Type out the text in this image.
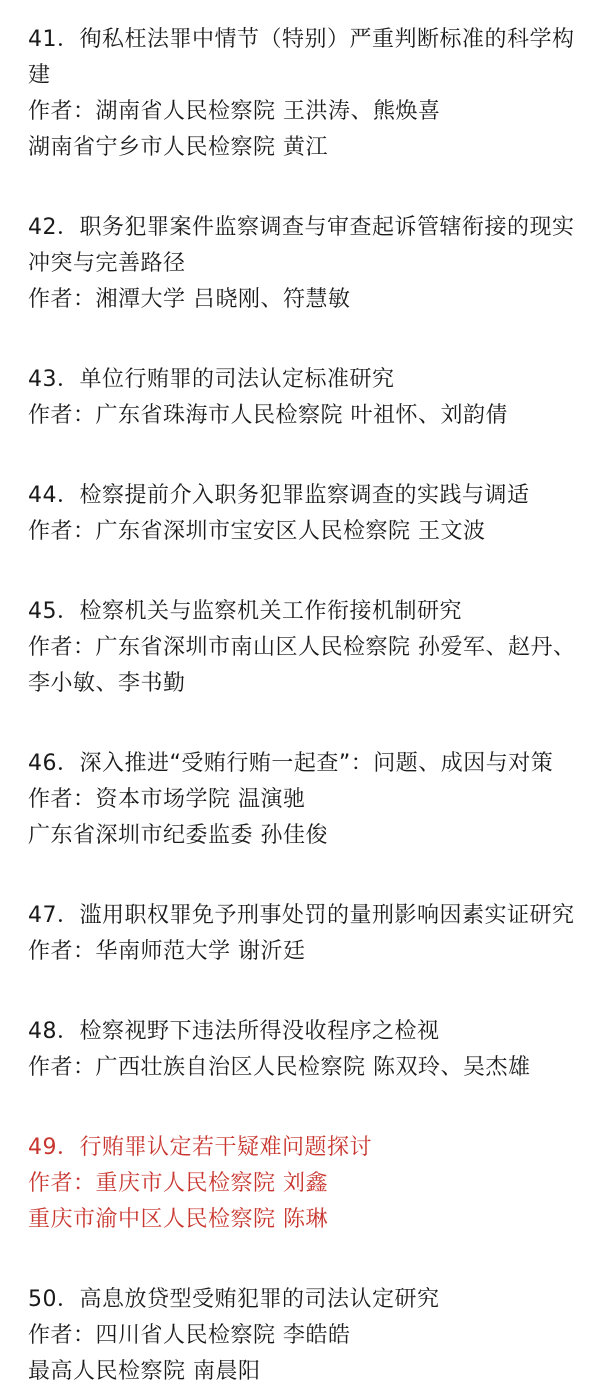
41．徇私枉法罪中情节（特别）严重判断标准的科学构建
作者：湖南省人民检察院 王洪涛、熊焕喜
湖南省宁乡市人民检察院 黄江
42．职务犯罪案件监察调查与审查起诉管辖衔接的现实冲突与完善路径
作者：湘潭大学 吕晓刚、符慧敏
43．单位行贿罪的司法认定标准研究
作者：广东省珠海市人民检察院 叶祖怀、刘韵倩
44．检察提前介入职务犯罪监察调查的实践与调适
作者：广东省深圳市宝安区人民检察院 王文波
45．检察机关与监察机关工作衔接机制研究
作者：广东省深圳市南山区人民检察院 孙爱军、赵丹、李小敏、李书勤
46．深入推进“受贿行贿一起查”：问题、成因与对策
作者：资本市场学院 温演驰
广东省深圳市纪委监委 孙佳俊
47．滥用职权罪免予刑事处罚的量刑影响因素实证研究
作者：华南师范大学 谢沂廷
48．检察视野下违法所得没收程序之检视
作者：广西壮族自治区人民检察院 陈双玲、吴杰雄
49．行贿罪认定若干疑难问题探讨
作者：重庆市人民检察院 刘鑫
重庆市渝中区人民检察院 陈琳
50．高息放贷型受贿犯罪的司法认定研究
作者：四川省人民检察院 李皓皓
最高人民检察院 南晨阳
